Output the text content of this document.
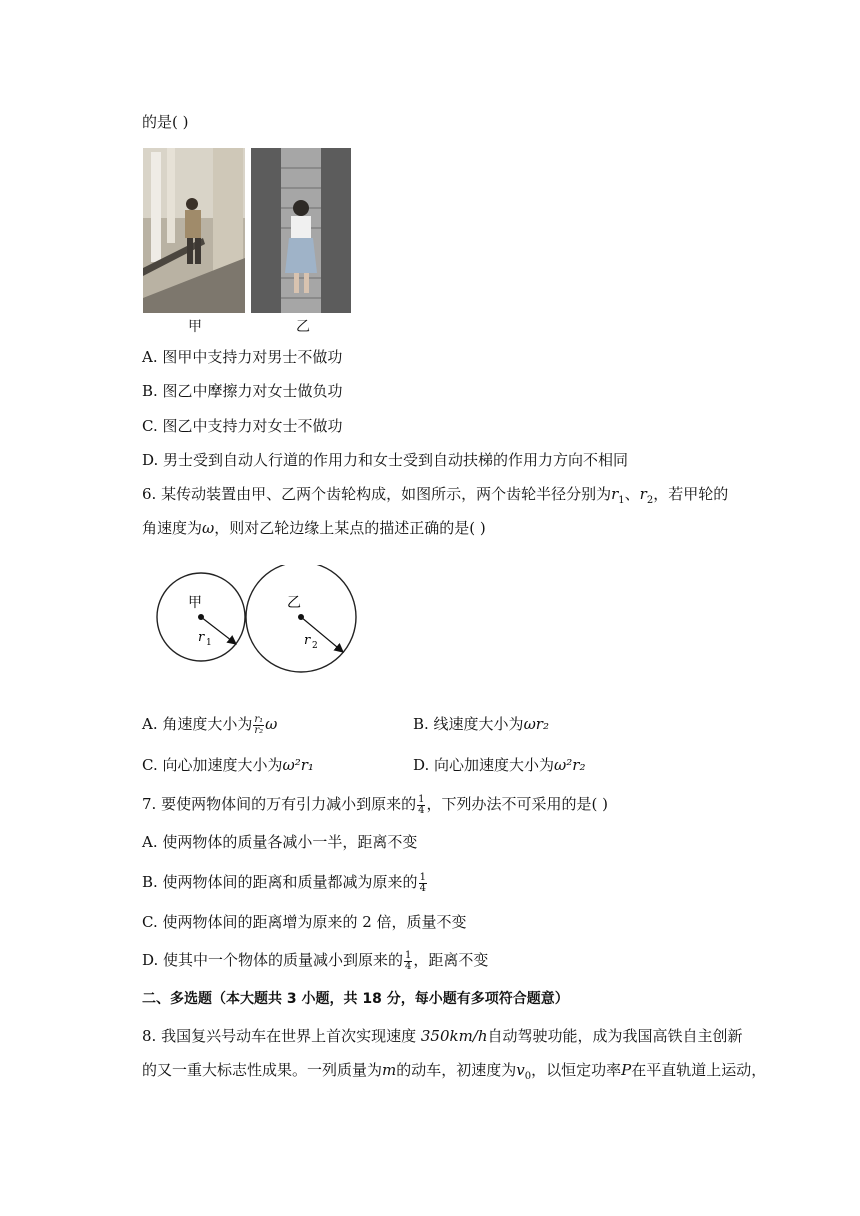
的是( )
甲	乙
A. 图甲中支持力对男士不做功
B. 图乙中摩擦力对女士做负功
C. 图乙中支持力对女士不做功
D. 男士受到自动人行道的作用力和女士受到自动扶梯的作用力方向不相同
6. 某传动装置由甲、乙两个齿轮构成，如图所示，两个齿轮半径分别为$r_1$、$r_2$，若甲轮的
角速度为ω，则对乙轮边缘上某点的描述正确的是( )
甲	乙
r 1	r 2
A. 角速度大小为 $\frac{\text{r₁}}{\text{r₂}}$ ω	B. 线速度大小为ωr₂
C. 向心加速度大小为ω²r₁	D. 向心加速度大小为ω²r₂
7. 要使两物体间的万有引力减小到原来的 $\frac{1}{4}$ ，下列办法不可采用的是( )
A. 使两物体的质量各减小一半，距离不变
B. 使两物体间的距离和质量都减为原来的 $\frac{1}{4}$
C. 使两物体间的距离增为原来的 2 倍，质量不变
D. 使其中一个物体的质量减小到原来的 $\frac{1}{4}$ ，距离不变
二、多选题（本大题共 3 小题，共 18 分，每小题有多项符合题意）
8. 我国复兴号动车在世界上首次实现速度 350km/h自动驾驶功能，成为我国高铁自主创新
的又一重大标志性成果。一列质量为m的动车，初速度为$v_0$，以恒定功率P在平直轨道上运动，
